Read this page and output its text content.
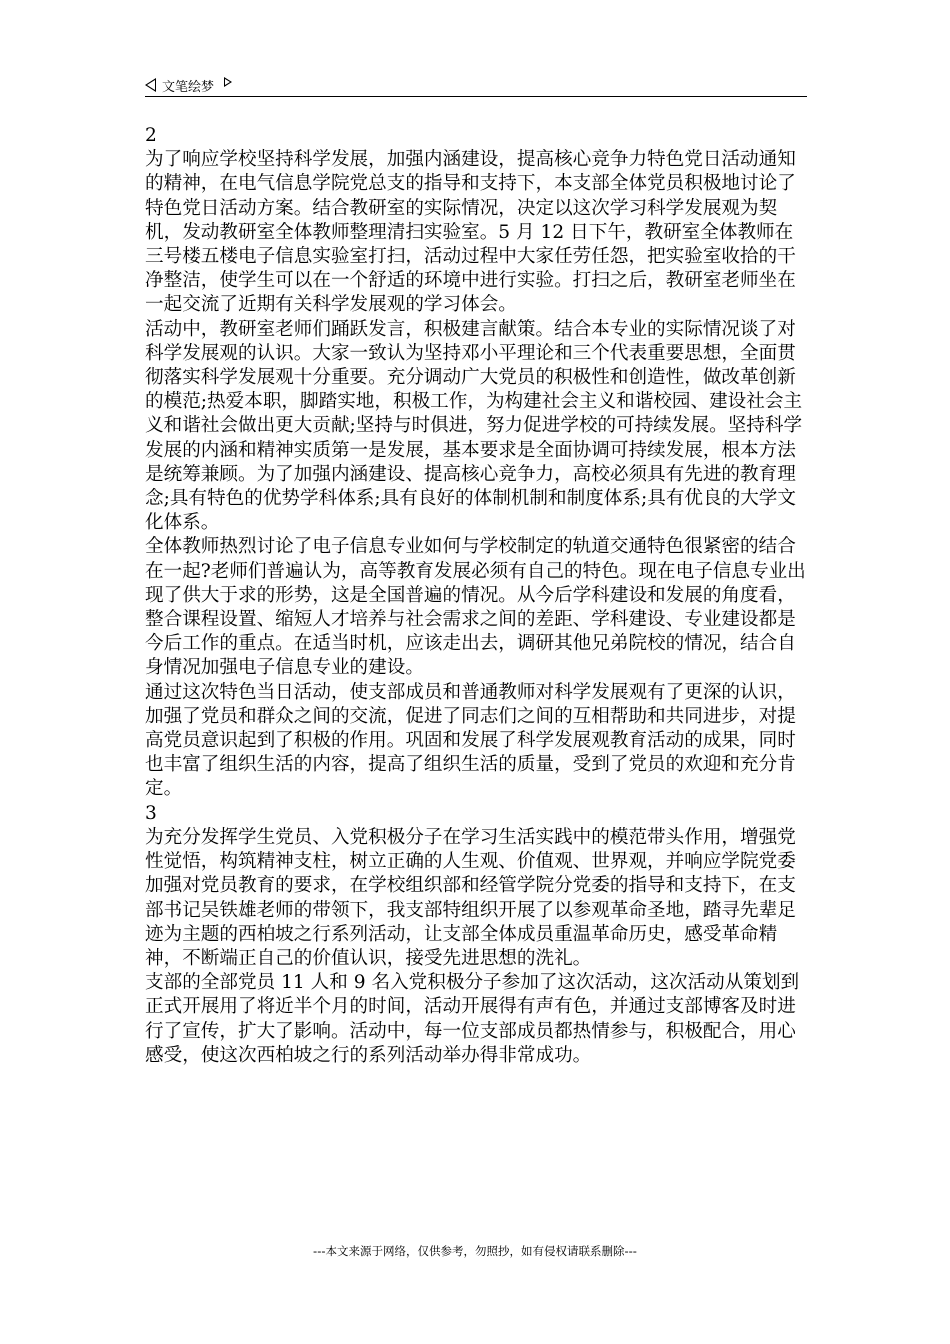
文笔绘梦

2

为了响应学校坚持科学发展，加强内涵建设，提高核心竞争力特色党日活动通知的精神，在电气信息学院党总支的指导和支持下，本支部全体党员积极地讨论了特色党日活动方案。结合教研室的实际情况，决定以这次学习科学发展观为契机，发动教研室全体教师整理清扫实验室。5 月 12 日下午，教研室全体教师在三号楼五楼电子信息实验室打扫，活动过程中大家任劳任怨，把实验室收拾的干净整洁，使学生可以在一个舒适的环境中进行实验。打扫之后，教研室老师坐在一起交流了近期有关科学发展观的学习体会。

活动中，教研室老师们踊跃发言，积极建言献策。结合本专业的实际情况谈了对科学发展观的认识。大家一致认为坚持邓小平理论和三个代表重要思想，全面贯彻落实科学发展观十分重要。充分调动广大党员的积极性和创造性，做改革创新的模范;热爱本职，脚踏实地，积极工作，为构建社会主义和谐校园、建设社会主义和谐社会做出更大贡献;坚持与时俱进，努力促进学校的可持续发展。坚持科学发展的内涵和精神实质第一是发展，基本要求是全面协调可持续发展，根本方法是统筹兼顾。为了加强内涵建设、提高核心竞争力，高校必须具有先进的教育理念;具有特色的优势学科体系;具有良好的体制机制和制度体系;具有优良的大学文化体系。

全体教师热烈讨论了电子信息专业如何与学校制定的轨道交通特色很紧密的结合在一起?老师们普遍认为，高等教育发展必须有自己的特色。现在电子信息专业出现了供大于求的形势，这是全国普遍的情况。从今后学科建设和发展的角度看，整合课程设置、缩短人才培养与社会需求之间的差距、学科建设、专业建设都是今后工作的重点。在适当时机，应该走出去，调研其他兄弟院校的情况，结合自身情况加强电子信息专业的建设。

通过这次特色当日活动，使支部成员和普通教师对科学发展观有了更深的认识，加强了党员和群众之间的交流，促进了同志们之间的互相帮助和共同进步，对提高党员意识起到了积极的作用。巩固和发展了科学发展观教育活动的成果，同时也丰富了组织生活的内容，提高了组织生活的质量，受到了党员的欢迎和充分肯定。

3

为充分发挥学生党员、入党积极分子在学习生活实践中的模范带头作用，增强党性觉悟，构筑精神支柱，树立正确的人生观、价值观、世界观，并响应学院党委加强对党员教育的要求，在学校组织部和经管学院分党委的指导和支持下，在支部书记吴铁雄老师的带领下，我支部特组织开展了以参观革命圣地，踏寻先辈足迹为主题的西柏坡之行系列活动，让支部全体成员重温革命历史，感受革命精神，不断端正自己的价值认识，接受先进思想的洗礼。

支部的全部党员 11 人和 9 名入党积极分子参加了这次活动，这次活动从策划到正式开展用了将近半个月的时间，活动开展得有声有色，并通过支部博客及时进行了宣传，扩大了影响。活动中，每一位支部成员都热情参与，积极配合，用心感受，使这次西柏坡之行的系列活动举办得非常成功。

---本文来源于网络，仅供参考，勿照抄，如有侵权请联系删除---
